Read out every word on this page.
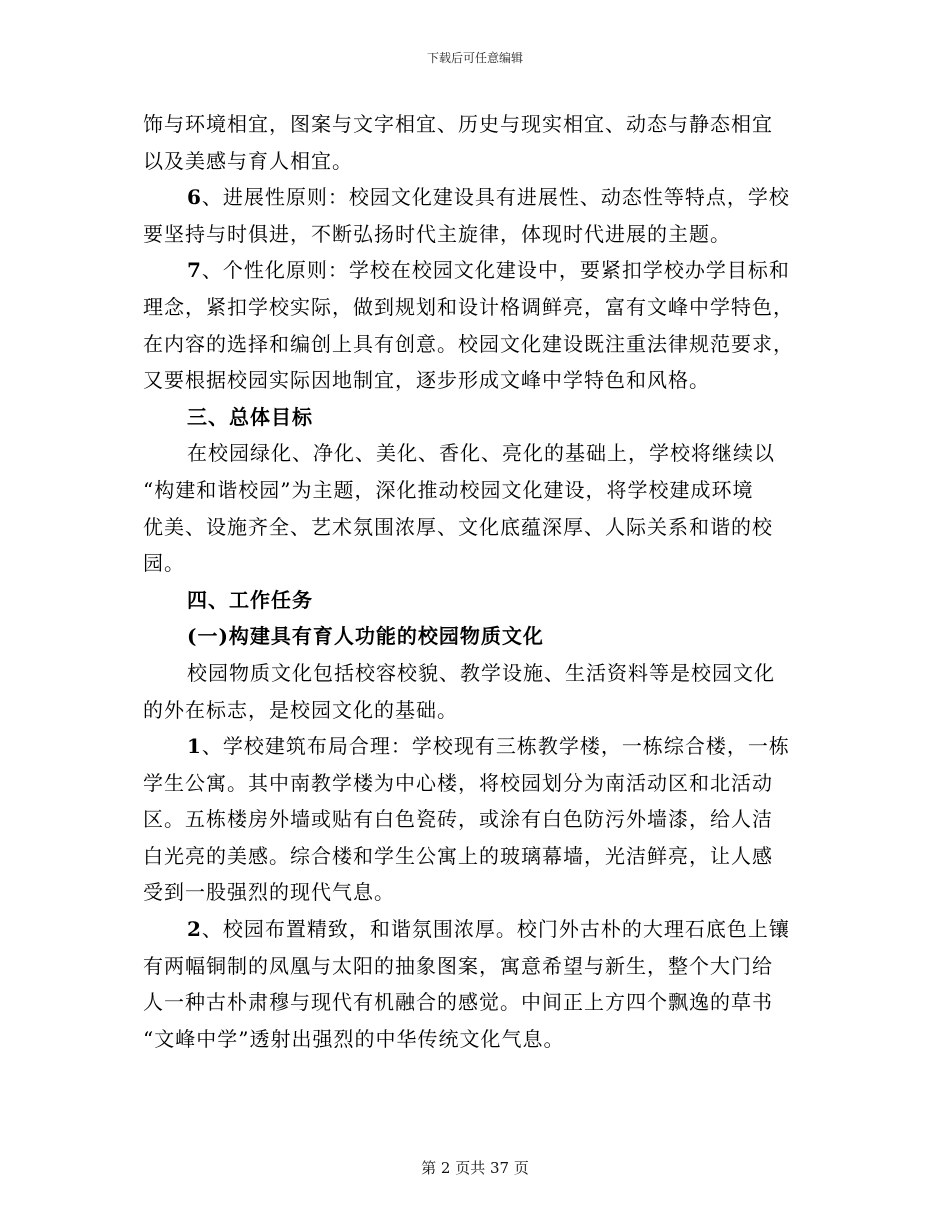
下载后可任意编辑

饰与环境相宜，图案与文字相宜、历史与现实相宜、动态与静态相宜

以及美感与育人相宜。

6、进展性原则：校园文化建设具有进展性、动态性等特点，学校

要坚持与时俱进，不断弘扬时代主旋律，体现时代进展的主题。

7、个性化原则：学校在校园文化建设中，要紧扣学校办学目标和

理念，紧扣学校实际，做到规划和设计格调鲜亮，富有文峰中学特色，

在内容的选择和编创上具有创意。校园文化建设既注重法律规范要求，

又要根据校园实际因地制宜，逐步形成文峰中学特色和风格。

三、总体目标

在校园绿化、净化、美化、香化、亮化的基础上，学校将继续以

“构建和谐校园”为主题，深化推动校园文化建设，将学校建成环境

优美、设施齐全、艺术氛围浓厚、文化底蕴深厚、人际关系和谐的校

园。

四、工作任务

(一)构建具有育人功能的校园物质文化

校园物质文化包括校容校貌、教学设施、生活资料等是校园文化

的外在标志，是校园文化的基础。

1、学校建筑布局合理：学校现有三栋教学楼，一栋综合楼，一栋

学生公寓。其中南教学楼为中心楼，将校园划分为南活动区和北活动

区。五栋楼房外墙或贴有白色瓷砖，或涂有白色防污外墙漆，给人洁

白光亮的美感。综合楼和学生公寓上的玻璃幕墙，光洁鲜亮，让人感

受到一股强烈的现代气息。

2、校园布置精致，和谐氛围浓厚。校门外古朴的大理石底色上镶

有两幅铜制的凤凰与太阳的抽象图案，寓意希望与新生，整个大门给

人一种古朴肃穆与现代有机融合的感觉。中间正上方四个飘逸的草书

“文峰中学”透射出强烈的中华传统文化气息。

第 2 页共 37 页
